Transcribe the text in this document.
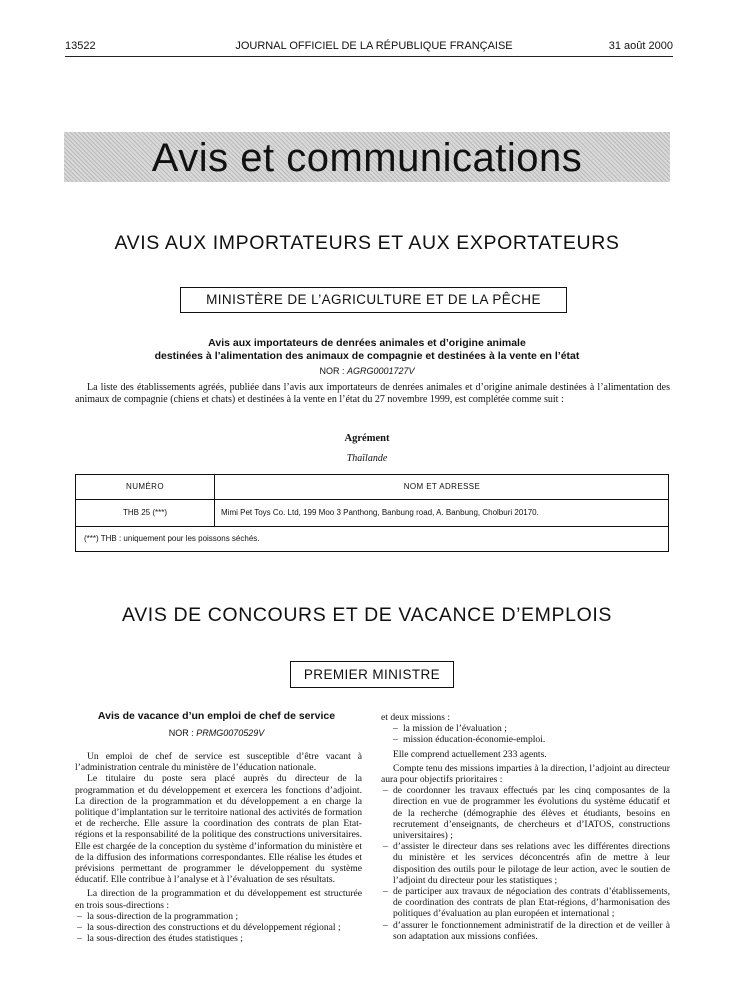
13522	JOURNAL OFFICIEL DE LA RÉPUBLIQUE FRANÇAISE	31 août 2000
Avis et communications
AVIS AUX IMPORTATEURS ET AUX EXPORTATEURS
MINISTÈRE DE L’AGRICULTURE ET DE LA PÊCHE
Avis aux importateurs de denrées animales et d’origine animale
destinées à l’alimentation des animaux de compagnie et destinées à la vente en l’état
NOR : AGRG0001727V

La liste des établissements agréés, publiée dans l’avis aux importateurs de denrées animales et d’origine animale destinées à l’alimentation des animaux de compagnie (chiens et chats) et destinées à la vente en l’état du 27 novembre 1999, est complétée comme suit :

Agrément
Thaïlande
NUMÉRO	NOM ET ADRESSE
THB 25 (***)	Mimi Pet Toys Co. Ltd, 199 Moo 3 Panthong, Banbung road, A. Banbung, Cholburi 20170.
(***) THB : uniquement pour les poissons séchés.
AVIS DE CONCOURS ET DE VACANCE D’EMPLOIS
PREMIER MINISTRE
Avis de vacance d’un emploi de chef de service
NOR : PRMG0070529V

Un emploi de chef de service est susceptible d’être vacant à l’administration centrale du ministère de l’éducation nationale.

Le titulaire du poste sera placé auprès du directeur de la programmation et du développement et exercera les fonctions d’adjoint. La direction de la programmation et du développement a en charge la politique d’implantation sur le territoire national des activités de formation et de recherche. Elle assure la coordination des contrats de plan Etat-régions et la responsabilité de la politique des constructions universitaires. Elle est chargée de la conception du système d’information du ministère et de la diffusion des informations correspondantes. Elle réalise les études et prévisions permettant de programmer le développement du système éducatif. Elle contribue à l’analyse et à l’évaluation de ses résultats.

La direction de la programmation et du développement est structurée en trois sous-directions :

– la sous-direction de la programmation ;
– la sous-direction des constructions et du développement régional ;
– la sous-direction des études statistiques ;

et deux missions :

– la mission de l’évaluation ;
– mission éducation-économie-emploi.

Elle comprend actuellement 233 agents.

Compte tenu des missions imparties à la direction, l’adjoint au directeur aura pour objectifs prioritaires :

– de coordonner les travaux effectués par les cinq composantes de la direction en vue de programmer les évolutions du système éducatif et de la recherche (démographie des élèves et étudiants, besoins en recrutement d’enseignants, de chercheurs et d’IATOS, constructions universitaires) ;
– d’assister le directeur dans ses relations avec les différentes directions du ministère et les services déconcentrés afin de mettre à leur disposition des outils pour le pilotage de leur action, avec le soutien de l’adjoint du directeur pour les statistiques ;
– de participer aux travaux de négociation des contrats d’établissements, de coordination des contrats de plan Etat-régions, d’harmonisation des politiques d’évaluation au plan européen et international ;
– d’assurer le fonctionnement administratif de la direction et de veiller à son adaptation aux missions confiées.
